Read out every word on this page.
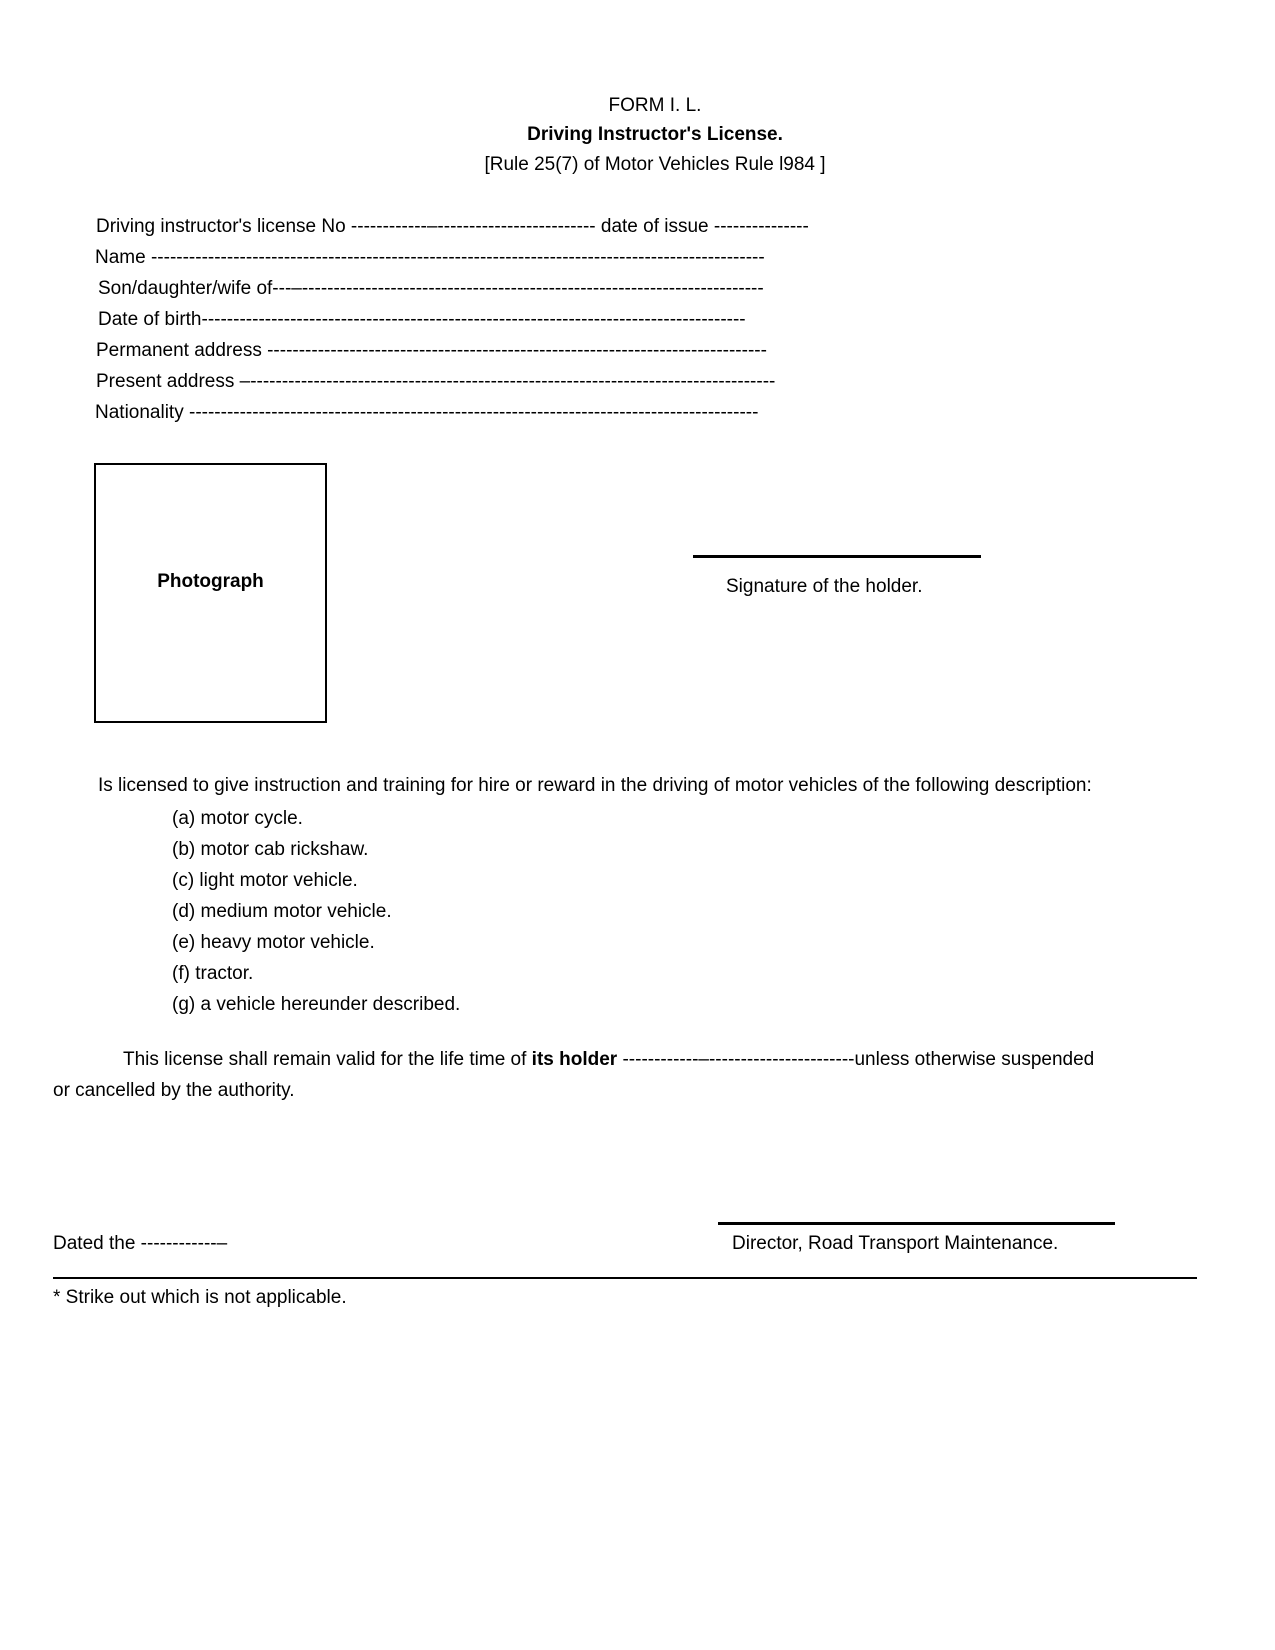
FORM I. L.
Driving Instructor's License.
[Rule 25(7) of Motor Vehicles Rule l984 ]
Driving instructor's license No ------------–------------------------- date of issue ---------------
Name -------------------------------------------------------------------------------------------------
Son/daughter/wife of---–-------------------------------------------------------------------------
Date of birth--------------------------------------------------------------------------------------
Permanent address -------------------------------------------------------------------------------
Present address –-----------------------------------------------------------------------------------
Nationality ------------------------------------------------------------------------------------------
Photograph	Signature of the holder.
Is licensed to give instruction and training for hire or reward in the driving of motor vehicles of the following description:
(a) motor cycle.
(b) motor cab rickshaw.
(c) light motor vehicle.
(d) medium motor vehicle.
(e) heavy motor vehicle.
(f) tractor.
(g) a vehicle hereunder described.
This license shall remain valid for the life time of its holder ------------–-----------------------unless otherwise suspended
or cancelled by the authority.
Dated the ------------–	Director, Road Transport Maintenance.
* Strike out which is not applicable.
